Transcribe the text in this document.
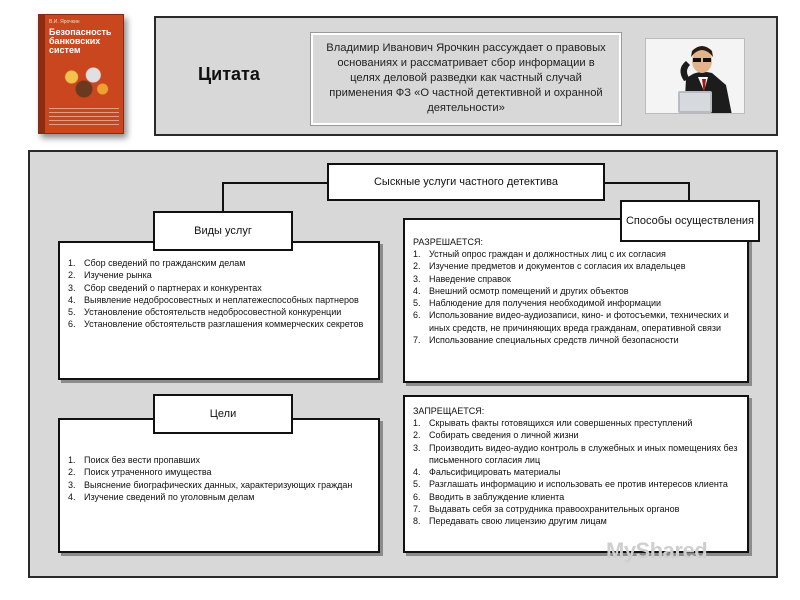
В.И. Ярочкин
Безопасность банковских систем
Цитата
Владимир Иванович Ярочкин рассуждает о правовых основаниях и рассматривает сбор информации в целях деловой разведки как частный случай применения ФЗ «О частной детективной и охранной деятельности»
Сыскные услуги частного детектива
1. Сбор сведений по гражданским делам
2. Изучение рынка
3. Сбор сведений о партнерах и конкурентах
4. Выявление недобросовестных и неплатежеспособных партнеров
5. Установление обстоятельств недобросовестной конкуренции
6. Установление обстоятельств разглашения коммерческих секретов
Виды услуг
1. Поиск без вести пропавших
2. Поиск утраченного имущества
3. Выяснение биографических данных, характеризующих граждан
4. Изучение сведений по уголовным делам
Цели
РАЗРЕШАЕТСЯ:
1. Устный опрос граждан и должностных лиц с их согласия
2. Изучение предметов и документов с согласия их владельцев
3. Наведение справок
4. Внешний осмотр помещений и других объектов
5. Наблюдение для получения необходимой информации
6. Использование видео-аудиозаписи, кино- и фотосъемки, технических и иных средств, не причиняющих вреда гражданам, оперативной связи
7. Использование специальных средств личной безопасности
Способы осуществления
ЗАПРЕЩАЕТСЯ:
1. Скрывать факты готовящихся или совершенных преступлений
2. Собирать сведения о личной жизни
3. Производить видео-аудио контроль в служебных и иных помещениях без письменного согласия лиц
4. Фальсифицировать материалы
5. Разглашать информацию и использовать ее против интересов клиента
6. Вводить в заблуждение клиента
7. Выдавать себя за сотрудника правоохранительных органов
8. Передавать свою лицензию другим лицам
MyShared
